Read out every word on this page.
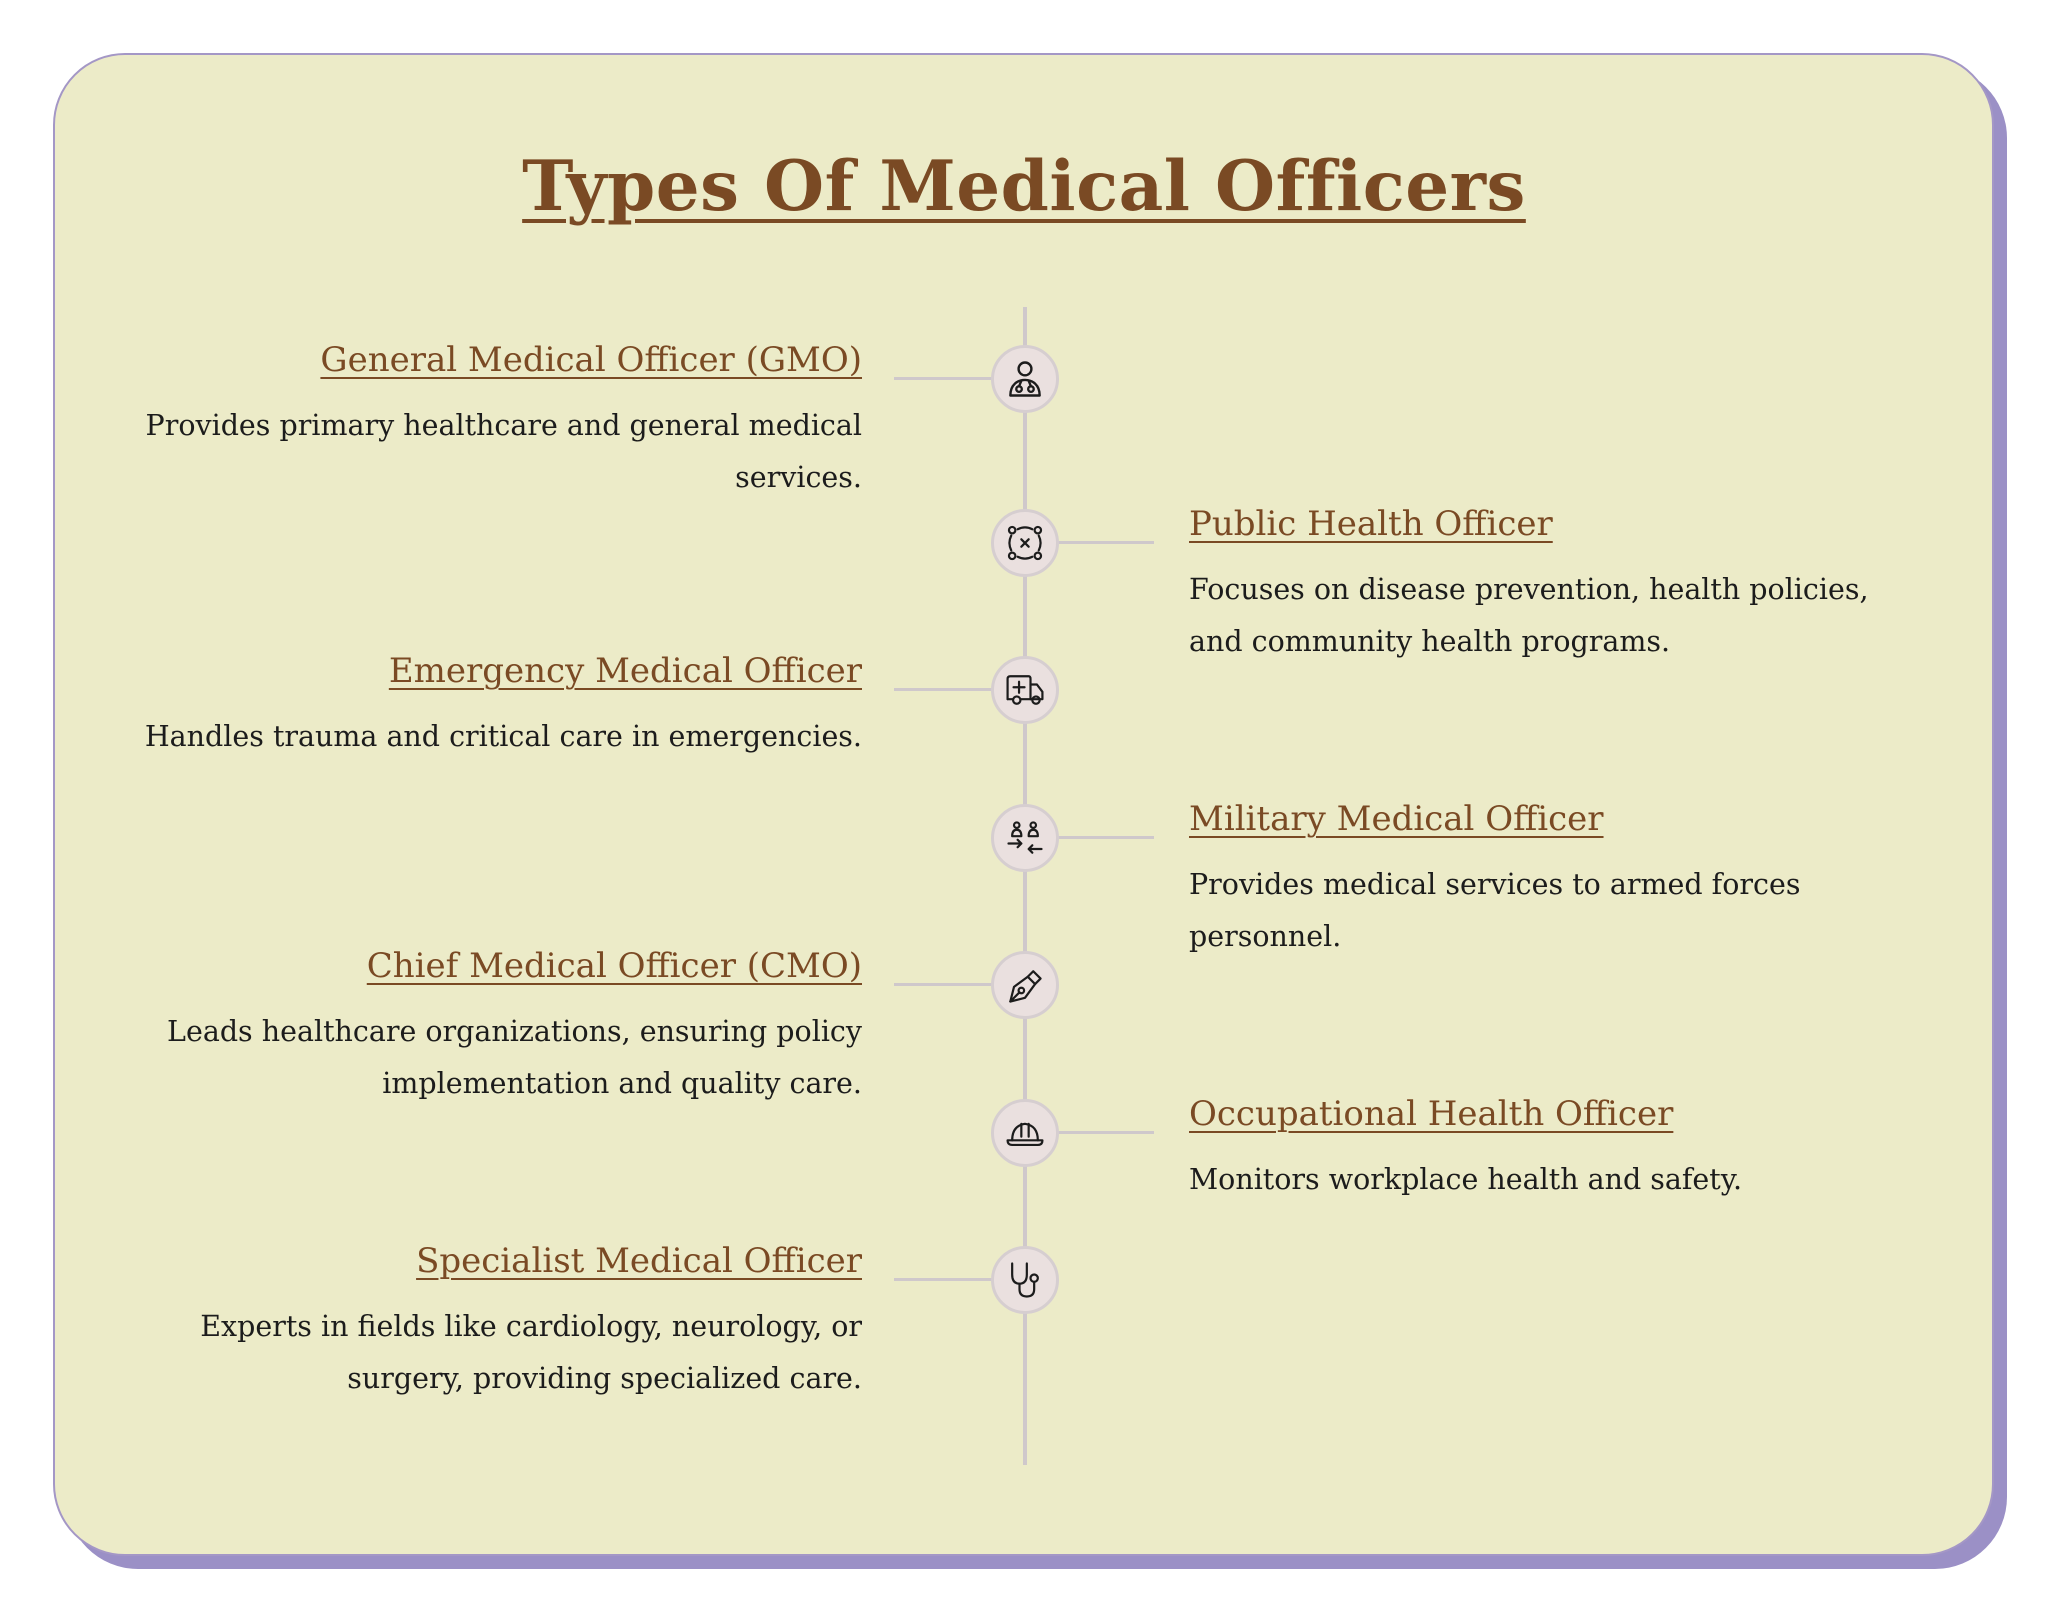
Types Of Medical Officers
General Medical Officer (GMO)
Provides primary healthcare and general medical services.
Public Health Officer
Focuses on disease prevention, health policies, and community health programs.
Emergency Medical Officer
Handles trauma and critical care in emergencies.
Military Medical Officer
Provides medical services to armed forces personnel.
Chief Medical Officer (CMO)
Leads healthcare organizations, ensuring policy implementation and quality care.
Occupational Health Officer
Monitors workplace health and safety.
Specialist Medical Officer
Experts in fields like cardiology, neurology, or surgery, providing specialized care.
